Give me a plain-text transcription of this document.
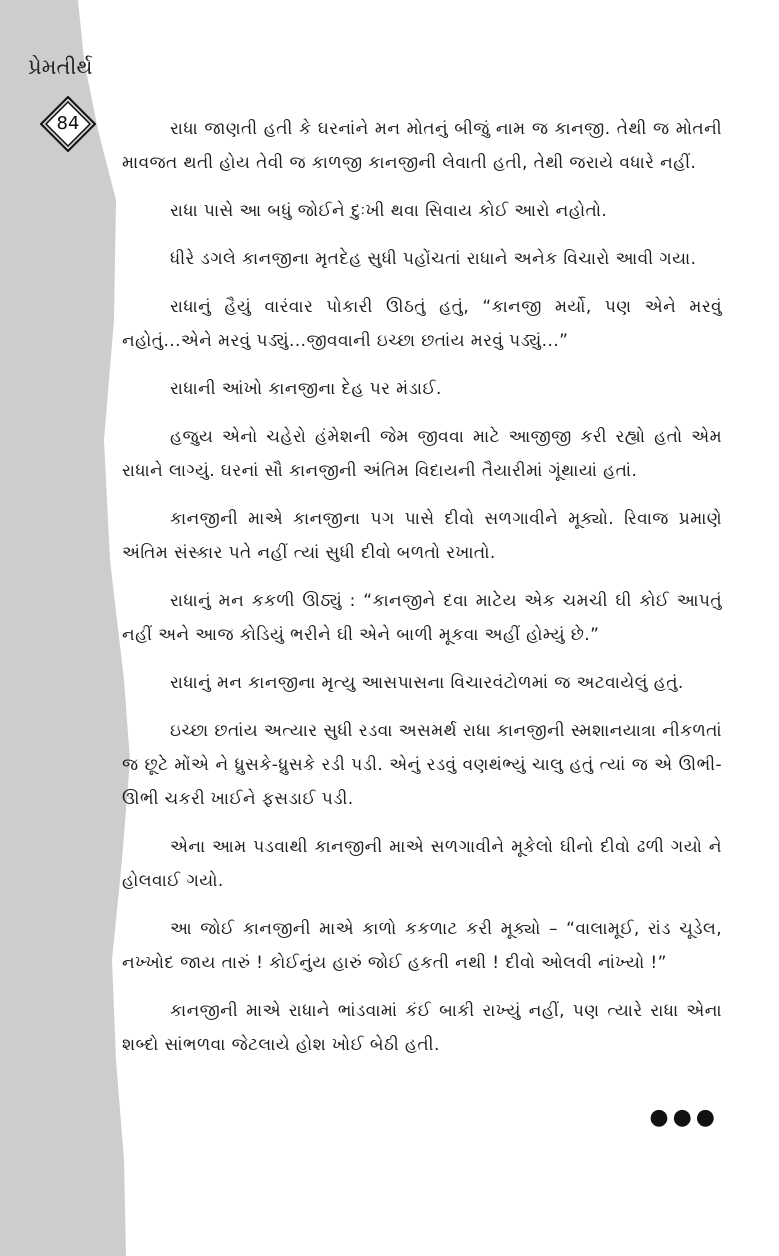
પ્રેમતીર્થ
84	રાધા જાણતી હતી કે ઘરનાંને મન મોતનું બીજું નામ જ કાનજી. તેથી જ મોતની માવજત થતી હોય તેવી જ કાળજી કાનજીની લેવાતી હતી, તેથી જરાયે વધારે નહીં.

રાધા પાસે આ બધું જોઈને દુઃખી થવા સિવાય કોઈ આરો નહોતો.

ધીરે ડગલે કાનજીના મૃતદેહ સુધી પહોંચતાં રાધાને અનેક વિચારો આવી ગયા.

રાધાનું હૈયું વારંવાર પોકારી ઊઠતું હતું, “કાનજી મર્યો, પણ એને મરવું નહોતું...એને મરવું પડ્યું...જીવવાની ઇચ્છા છતાંય મરવું પડ્યું...”

રાધાની આંખો કાનજીના દેહ પર મંડાઈ.

હજુય એનો ચહેરો હંમેશની જેમ જીવવા માટે આજીજી કરી રહ્યો હતો એમ રાધાને લાગ્યું. ઘરનાં સૌ કાનજીની અંતિમ વિદાયની તૈયારીમાં ગૂંથાયાં હતાં.

કાનજીની માએ કાનજીના પગ પાસે દીવો સળગાવીને મૂક્યો. રિવાજ પ્રમાણે અંતિમ સંસ્કાર પતે નહીં ત્યાં સુધી દીવો બળતો રખાતો.

રાધાનું મન કકળી ઊઠ્યું : “કાનજીને દવા માટેય એક ચમચી ઘી કોઈ આપતું નહીં અને આજ કોડિયું ભરીને ઘી એને બાળી મૂકવા અહીં હોમ્યું છે.”

રાધાનું મન કાનજીના મૃત્યુ આસપાસના વિચારવંટોળમાં જ અટવાયેલું હતું.

ઇચ્છા છતાંય અત્યાર સુધી રડવા અસમર્થ રાધા કાનજીની સ્મશાનયાત્રા નીકળતાં જ છૂટે મોંએ ને ધ્રુસકે-ધ્રુસકે રડી પડી. એનું રડવું વણથંભ્યું ચાલુ હતું ત્યાં જ એ ઊભી-ઊભી ચકરી ખાઈને ફસડાઈ પડી.

એના આમ પડવાથી કાનજીની માએ સળગાવીને મૂકેલો ઘીનો દીવો ઢળી ગયો ને હોલવાઈ ગયો.

આ જોઈ કાનજીની માએ કાળો કકળાટ કરી મૂક્યો – “વાલામૂઈ, રાંડ ચૂડેલ, નખ્ખોદ જાય તારું ! કોઈનુંય હારું જોઈ હકતી નથી ! દીવો ઓલવી નાંખ્યો !”

કાનજીની માએ રાધાને ભાંડવામાં કંઈ બાકી રાખ્યું નહીં, પણ ત્યારે રાધા એના શબ્દો સાંભળવા જેટલાયે હોશ ખોઈ બેઠી હતી.

●●●
